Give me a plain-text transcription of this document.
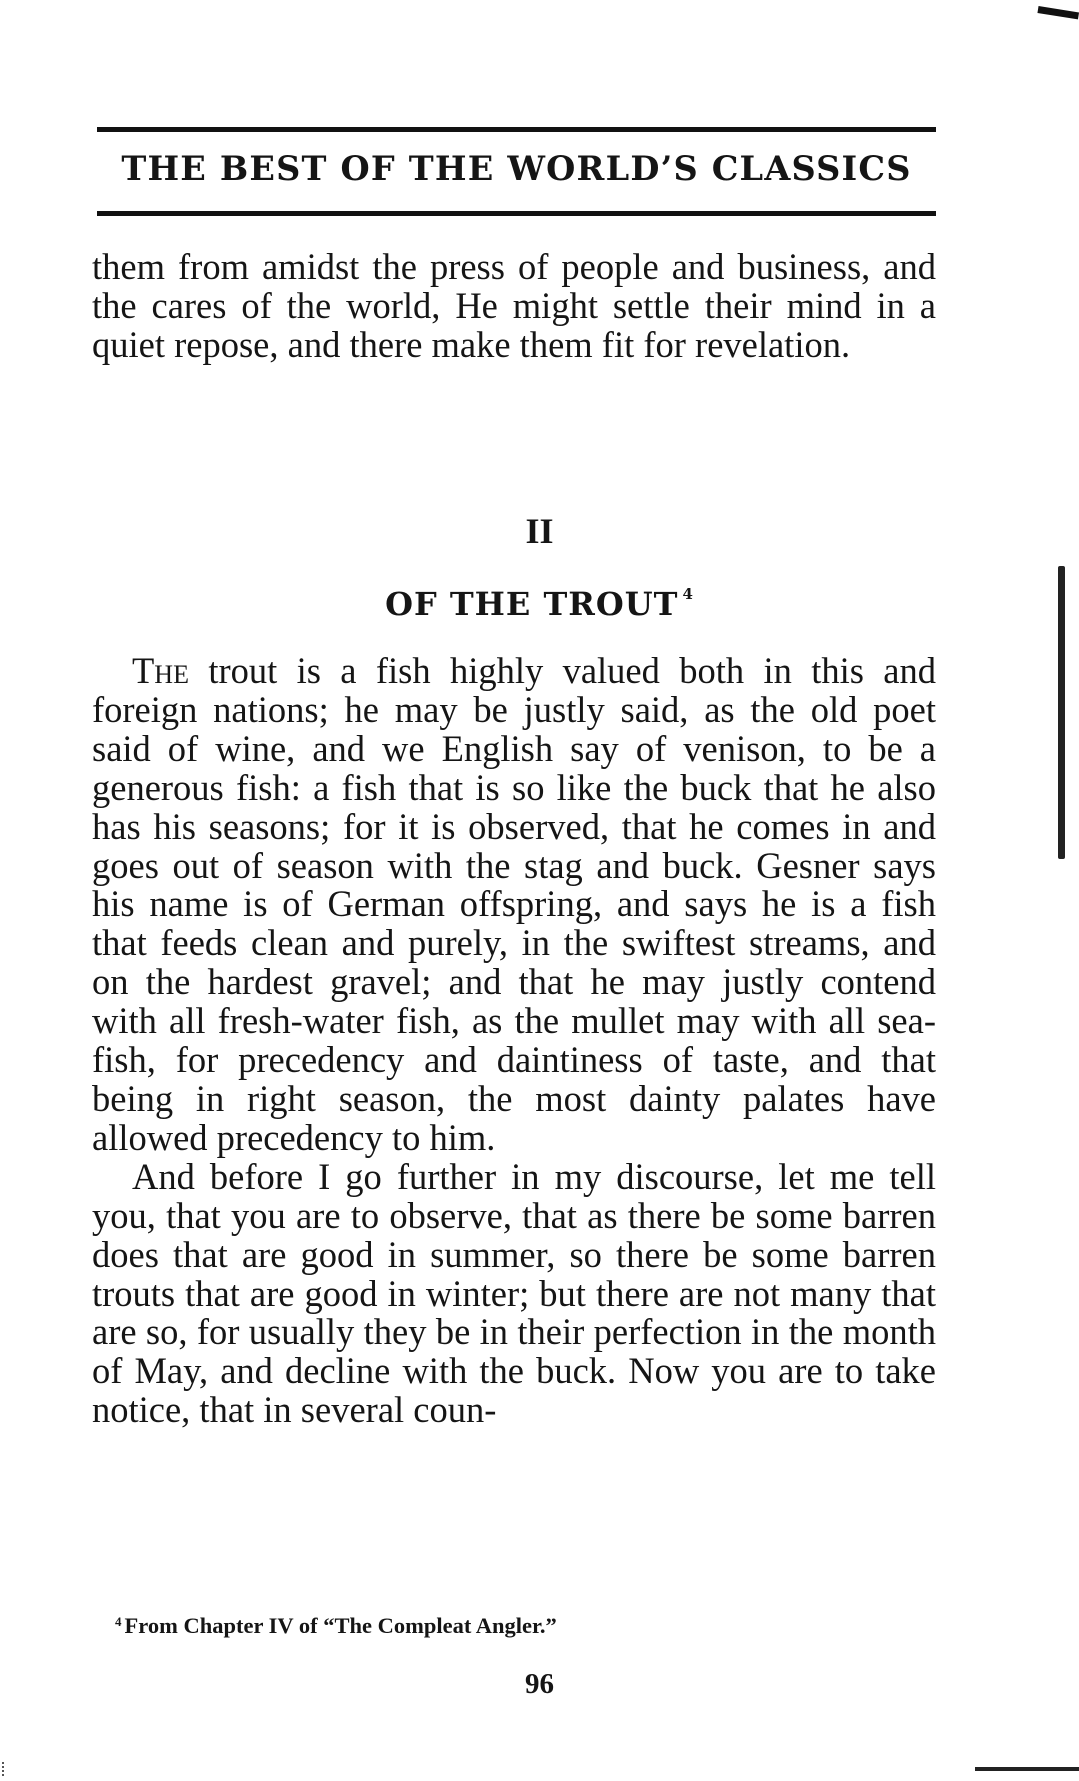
THE BEST OF THE WORLD’S CLASSICS

them from amidst the press of people and business, and the cares of the world, He might settle their mind in a quiet repose, and there make them fit for revelation.

II

OF THE TROUT $^4$

The trout is a fish highly valued both in this and foreign nations; he may be justly said, as the old poet said of wine, and we English say of venison, to be a generous fish: a fish that is so like the buck that he also has his seasons; for it is observed, that he comes in and goes out of season with the stag and buck. Gesner says his name is of German offspring, and says he is a fish that feeds clean and purely, in the swiftest streams, and on the hardest gravel; and that he may justly contend with all fresh-water fish, as the mullet may with all sea-fish, for precedency and daintiness of taste, and that being in right season, the most dainty palates have allowed precedency to him.

And before I go further in my discourse, let me tell you, that you are to observe, that as there be some barren does that are good in summer, so there be some barren trouts that are good in winter; but there are not many that are so, for usually they be in their perfection in the month of May, and decline with the buck. Now you are to take notice, that in several coun-

$^4$ From Chapter IV of “The Compleat Angler.”

96
